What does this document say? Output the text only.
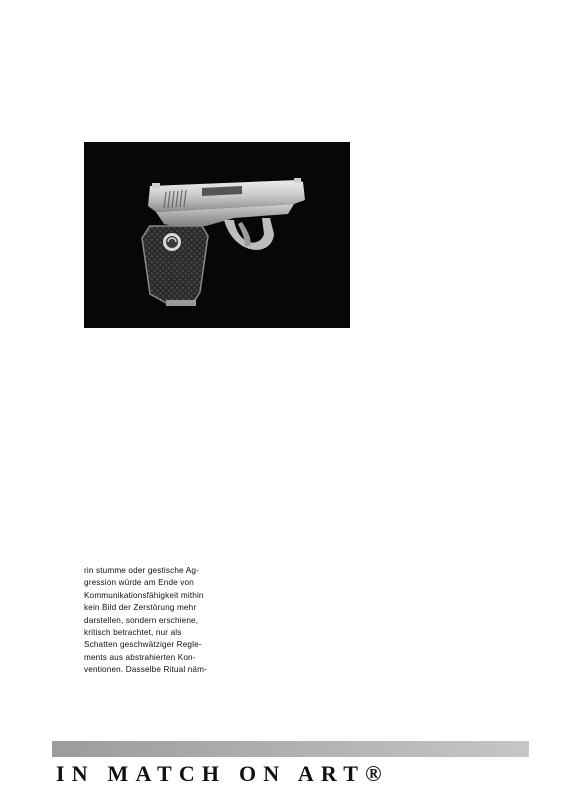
rin stumme oder gestische Ag-
gression würde am Ende von
Kommunikationsfähigkeit mithin
kein Bild der Zerstörung mehr
darstellen, sondern erschiene,
kritisch betrachtet, nur als
Schatten geschwätziger Regle-
ments aus abstrahierten Kon-
ventionen. Dasselbe Ritual näm-
IN MATCH ON ART®
